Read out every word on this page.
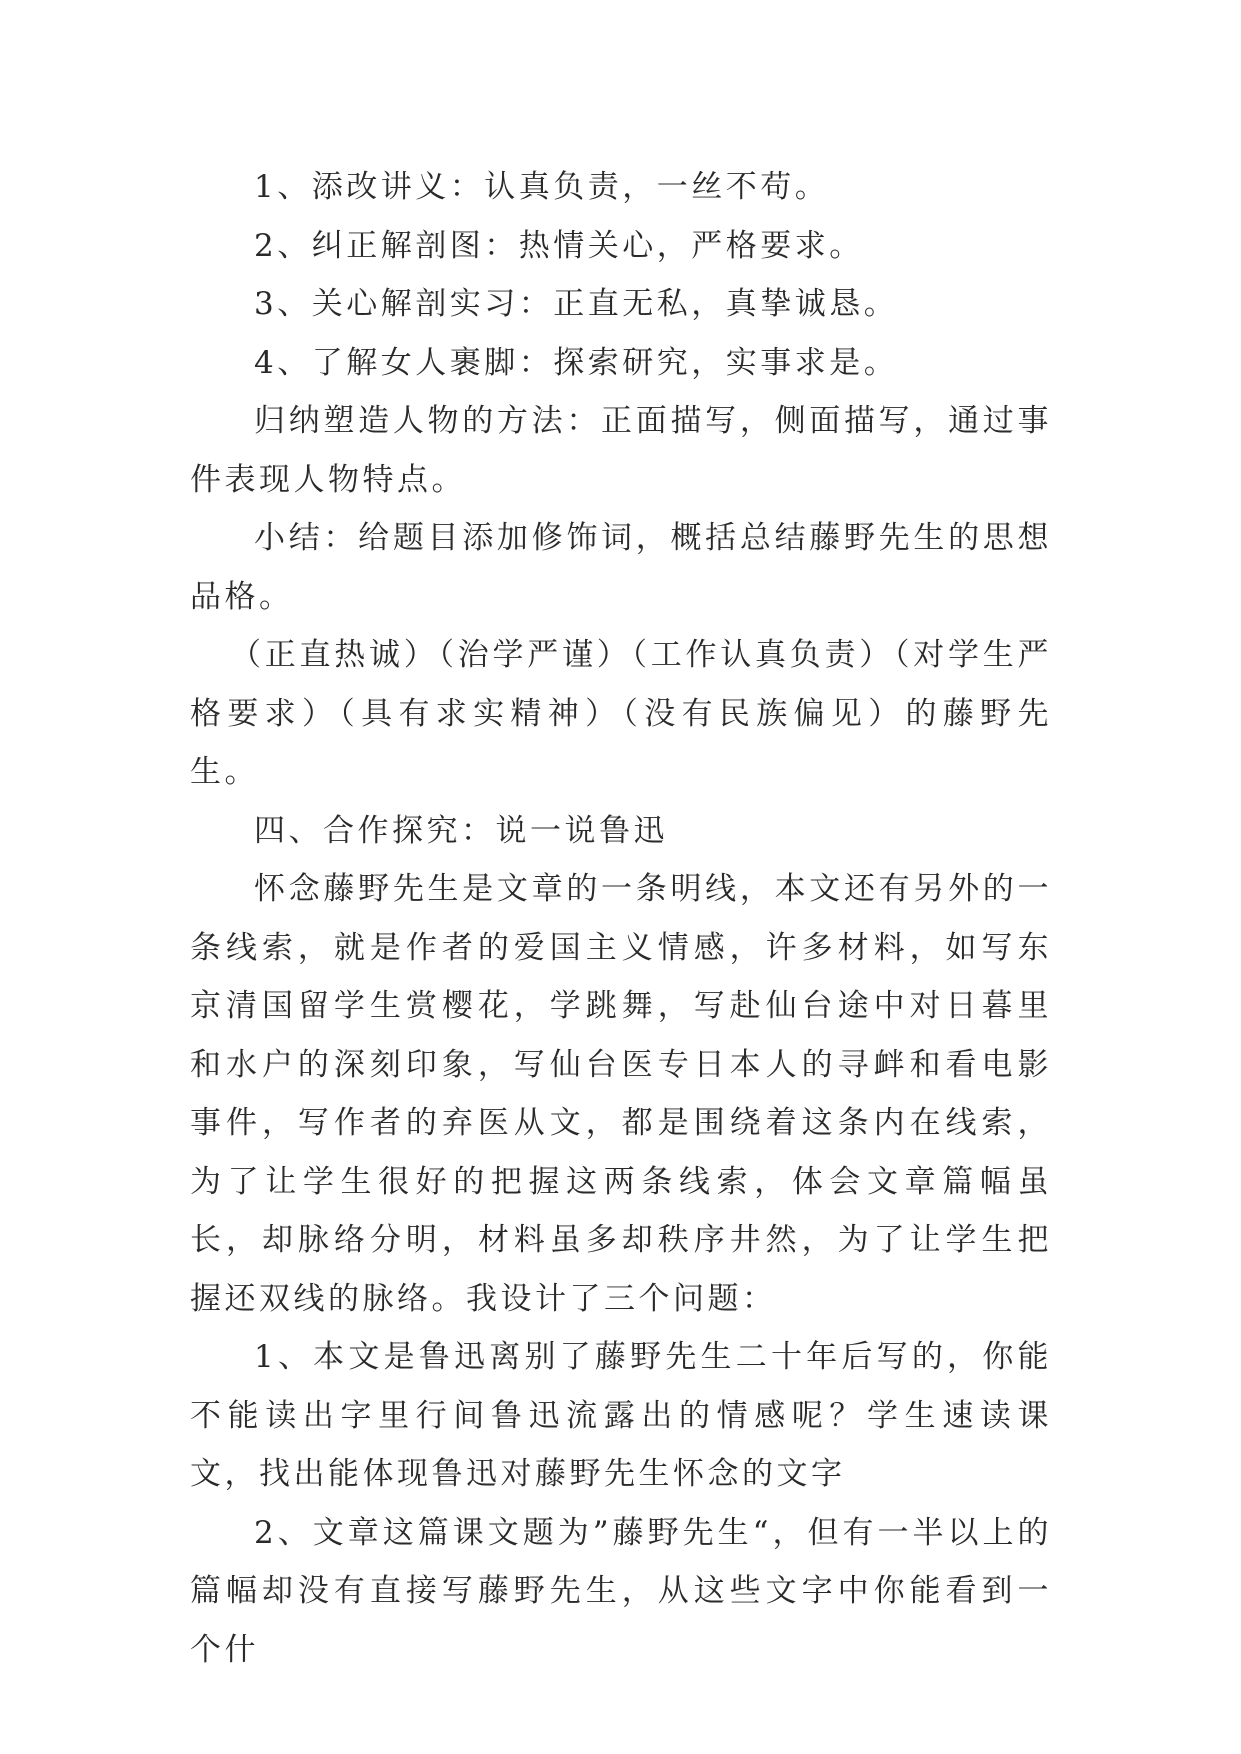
1、添改讲义：认真负责，一丝不苟。

2、纠正解剖图：热情关心，严格要求。

3、关心解剖实习：正直无私，真挚诚恳。

4、了解女人裹脚：探索研究，实事求是。

归纳塑造人物的方法：正面描写，侧面描写，通过事件表现人物特点。

小结：给题目添加修饰词，概括总结藤野先生的思想品格。

（正直热诚）（治学严谨）（工作认真负责）（对学生严格要求）（具有求实精神）（没有民族偏见）的藤野先生。

四、合作探究：说一说鲁迅

怀念藤野先生是文章的一条明线，本文还有另外的一条线索，就是作者的爱国主义情感，许多材料，如写东京清国留学生赏樱花，学跳舞，写赴仙台途中对日暮里和水户的深刻印象，写仙台医专日本人的寻衅和看电影事件，写作者的弃医从文，都是围绕着这条内在线索，为了让学生很好的把握这两条线索，体会文章篇幅虽长，却脉络分明，材料虽多却秩序井然，为了让学生把握还双线的脉络。我设计了三个问题：

1、本文是鲁迅离别了藤野先生二十年后写的，你能不能读出字里行间鲁迅流露出的情感呢？学生速读课文，找出能体现鲁迅对藤野先生怀念的文字

2、文章这篇课文题为”藤野先生“，但有一半以上的篇幅却没有直接写藤野先生，从这些文字中你能看到一个什
